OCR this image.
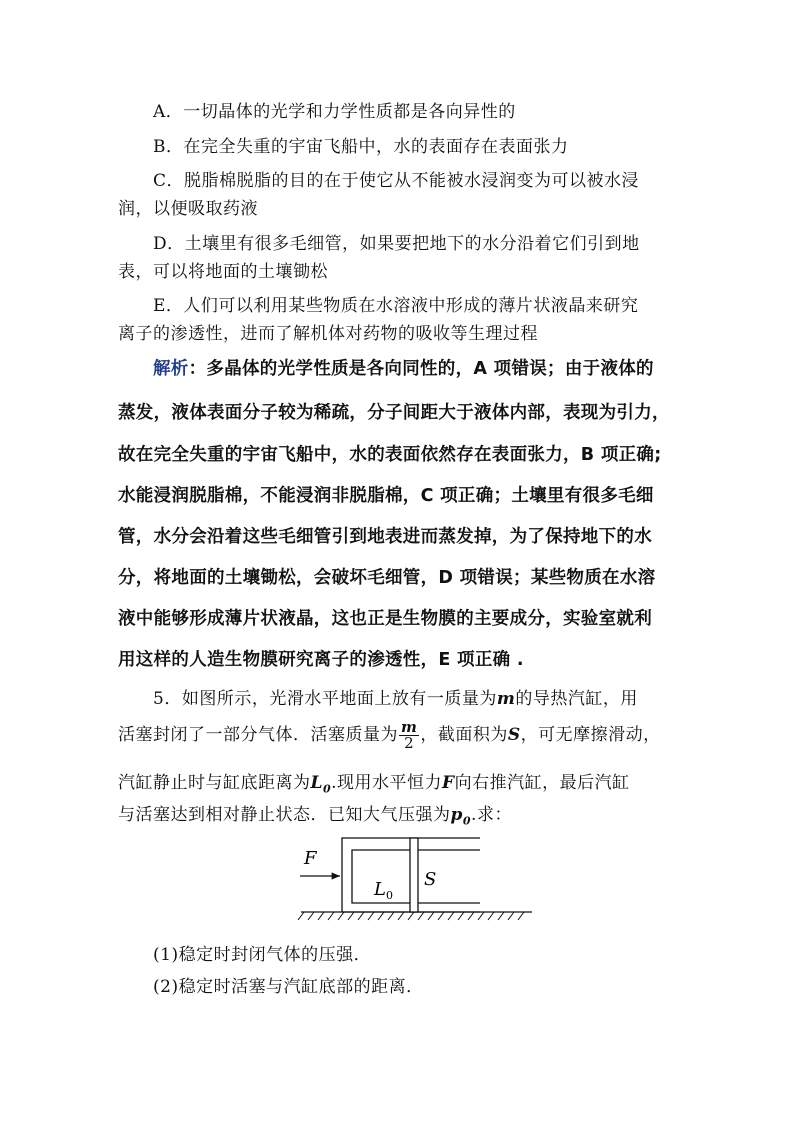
A．一切晶体的光学和力学性质都是各向异性的
B．在完全失重的宇宙飞船中，水的表面存在表面张力
C．脱脂棉脱脂的目的在于使它从不能被水浸润变为可以被水浸
润，以便吸取药液
D．土壤里有很多毛细管，如果要把地下的水分沿着它们引到地
表，可以将地面的土壤锄松
E．人们可以利用某些物质在水溶液中形成的薄片状液晶来研究
离子的渗透性，进而了解机体对药物的吸收等生理过程
解析：多晶体的光学性质是各向同性的，A 项错误；由于液体的
蒸发，液体表面分子较为稀疏，分子间距大于液体内部，表现为引力，
故在完全失重的宇宙飞船中，水的表面依然存在表面张力，B 项正确;
水能浸润脱脂棉，不能浸润非脱脂棉，C 项正确；土壤里有很多毛细
管，水分会沿着这些毛细管引到地表进而蒸发掉，为了保持地下的水
分，将地面的土壤锄松，会破坏毛细管，D 项错误；某些物质在水溶
液中能够形成薄片状液晶，这也正是生物膜的主要成分，实验室就利
用这样的人造生物膜研究离子的渗透性，E 项正确 .
5．如图所示，光滑水平地面上放有一质量为m的导热汽缸，用
活塞封闭了一部分气体．活塞质量为 $\frac{m}{2}$ ，截面积为S，可无摩擦滑动，
汽缸静止时与缸底距离为$L_0$.现用水平恒力F向右推汽缸，最后汽缸
与活塞达到相对静止状态．已知大气压强为$p_0$.求：
F
$L_0$
S
(1)稳定时封闭气体的压强．
(2)稳定时活塞与汽缸底部的距离．
